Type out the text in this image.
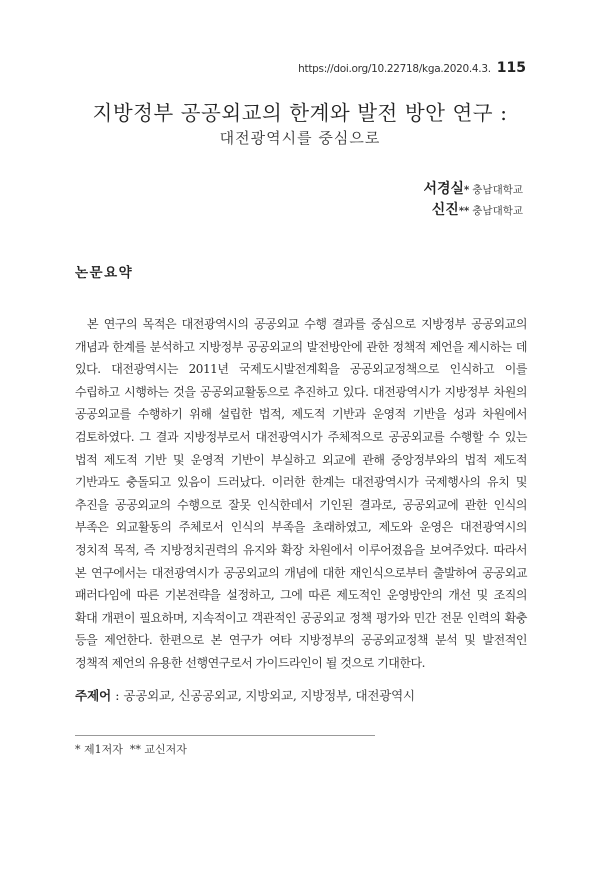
https://doi.org/10.22718/kga.2020.4.3. 115
지방정부 공공외교의 한계와 발전 방안 연구 :
대전광역시를 중심으로
서경실* 충남대학교
신진** 충남대학교
논문요약
본 연구의 목적은 대전광역시의 공공외교 수행 결과를 중심으로 지방정부 공공외교의 개념과 한계를 분석하고 지방정부 공공외교의 발전방안에 관한 정책적 제언을 제시하는 데 있다. 대전광역시는 2011년 국제도시발전계획을 공공외교정책으로 인식하고 이를 수립하고 시행하는 것을 공공외교활동으로 추진하고 있다. 대전광역시가 지방정부 차원의 공공외교를 수행하기 위해 설립한 법적, 제도적 기반과 운영적 기반을 성과 차원에서 검토하였다. 그 결과 지방정부로서 대전광역시가 주체적으로 공공외교를 수행할 수 있는 법적 제도적 기반 및 운영적 기반이 부실하고 외교에 관해 중앙정부와의 법적 제도적 기반과도 충돌되고 있음이 드러났다. 이러한 한계는 대전광역시가 국제행사의 유치 및 추진을 공공외교의 수행으로 잘못 인식한데서 기인된 결과로, 공공외교에 관한 인식의 부족은 외교활동의 주체로서 인식의 부족을 초래하였고, 제도와 운영은 대전광역시의 정치적 목적, 즉 지방정치권력의 유지와 확장 차원에서 이루어졌음을 보여주었다. 따라서 본 연구에서는 대전광역시가 공공외교의 개념에 대한 재인식으로부터 출발하여 공공외교 패러다임에 따른 기본전략을 설정하고, 그에 따른 제도적인 운영방안의 개선 및 조직의 확대 개편이 필요하며, 지속적이고 객관적인 공공외교 정책 평가와 민간 전문 인력의 확충 등을 제언한다. 한편으로 본 연구가 여타 지방정부의 공공외교정책 분석 및 발전적인 정책적 제언의 유용한 선행연구로서 가이드라인이 될 것으로 기대한다.
주제어 : 공공외교, 신공공외교, 지방외교, 지방정부, 대전광역시
* 제1저자  ** 교신저자
